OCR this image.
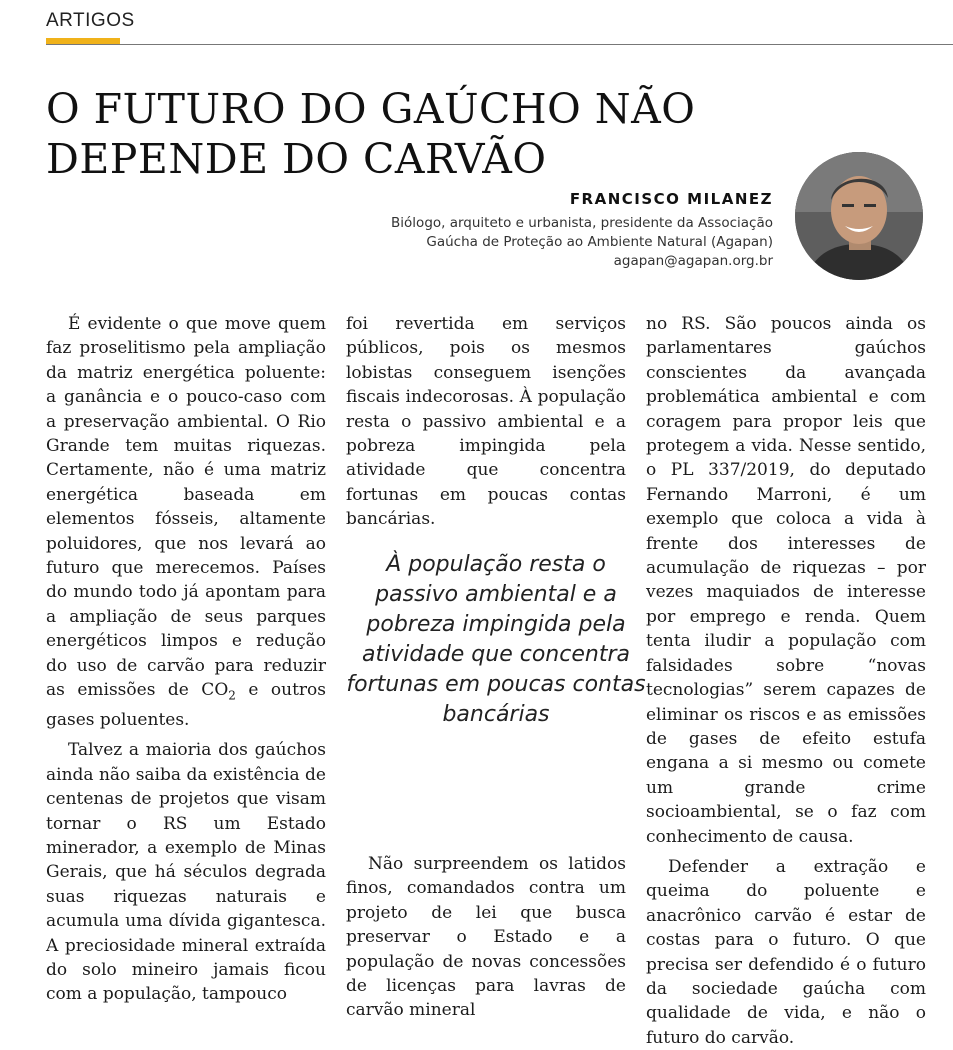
ARTIGOS
O FUTURO DO GAÚCHO NÃO DEPENDE DO CARVÃO
FRANCISCO MILANEZ
Biólogo, arquiteto e urbanista, presidente da Associação
Gaúcha de Proteção ao Ambiente Natural (Agapan)
agapan@agapan.org.br

É evidente o que move quem faz proselitismo pela ampliação da matriz energética poluente: a ganância e o pouco-caso com a preservação ambiental. O Rio Grande tem muitas riquezas. Certamente, não é uma matriz energética baseada em elementos fósseis, altamente poluidores, que nos levará ao futuro que merecemos. Países do mundo todo já apontam para a ampliação de seus parques energéticos limpos e redução do uso de carvão para reduzir as emissões de $CO_2$ e outros gases poluentes.

Talvez a maioria dos gaúchos ainda não saiba da existência de centenas de projetos que visam tornar o RS um Estado minerador, a exemplo de Minas Gerais, que há séculos degrada suas riquezas naturais e acumula uma dívida gigantesca. A preciosidade mineral extraída do solo mineiro jamais ficou com a população, tampouco

foi revertida em serviços públicos, pois os mesmos lobistas conseguem isenções fiscais indecorosas. À população resta o passivo ambiental e a pobreza impingida pela atividade que concentra fortunas em poucas contas bancárias.

À população resta o passivo ambiental e a pobreza impingida pela atividade que concentra fortunas em poucas contas bancárias

Não surpreendem os latidos finos, comandados contra um projeto de lei que busca preservar o Estado e a população de novas concessões de licenças para lavras de carvão mineral

no RS. São poucos ainda os parlamentares gaúchos conscientes da avançada problemática ambiental e com coragem para propor leis que protegem a vida. Nesse sentido, o PL 337/2019, do deputado Fernando Marroni, é um exemplo que coloca a vida à frente dos interesses de acumulação de riquezas – por vezes maquiados de interesse por emprego e renda. Quem tenta iludir a população com falsidades sobre “novas tecnologias” serem capazes de eliminar os riscos e as emissões de gases de efeito estufa engana a si mesmo ou comete um grande crime socioambiental, se o faz com conhecimento de causa.

Defender a extração e queima do poluente e anacrônico carvão é estar de costas para o futuro. O que precisa ser defendido é o futuro da sociedade gaúcha com qualidade de vida, e não o futuro do carvão.
